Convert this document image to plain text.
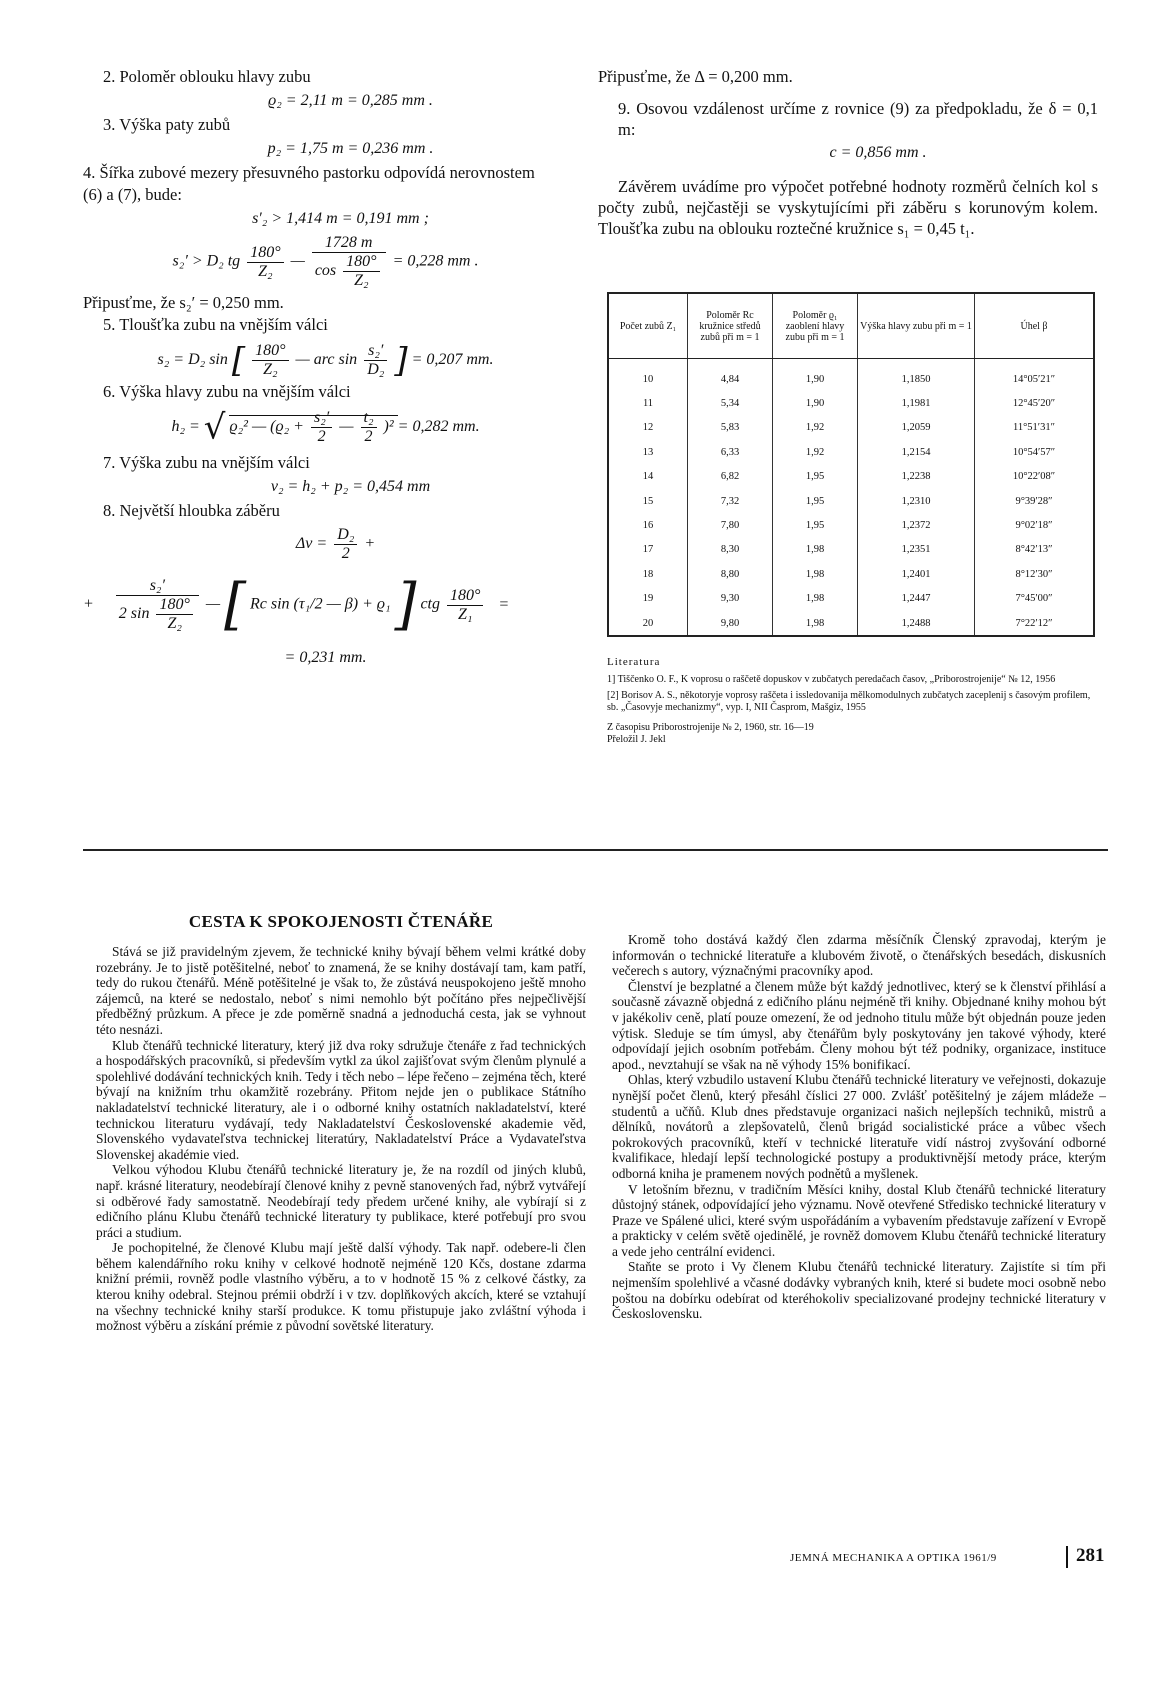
2. Poloměr oblouku hlavy zubu

ϱ₂ = 2,11 m = 0,285 mm .

3. Výška paty zubů

p₂ = 1,75 m = 0,236 mm .

4. Šířka zubové mezery přesuvného pastorku odpovídá nerovnostem (6) a (7), bude:

s′₂ > 1,414 m = 0,191 mm ;

s₂′ > D₂ tg $\frac{180^\circ}{\text{Z₂}}$ — $\frac{1728 m}{\cos \frac{180^\circ}{\text{Z₂}}} = 0,228$ mm .

Připusťme, že s₂′ = 0,250 mm.

5. Tloušťka zubu na vnějším válci

s₂ = D₂ sin [ $\frac{180^\circ}{\text{Z₂}}$ — arc $\sin \frac{\text{s₂′}}{\text{D₂}}$ ] = 0,207 mm.

6. Výška hlavy zubu na vnějším válci

h₂ = √ ϱ₂² — ($ϱ_2 + \frac{\text{s₂′}}{2}$ — $\frac{\text{t₂}}{2} )^2 = 0,282$ mm.

7. Výška zubu na vnějším válci

v₂ = h₂ + p₂ = 0,454 mm

8. Největší hloubka záběru

$\Delta v = \frac{\text{D₂}}{2}$ +
+ $\frac{\text{s₂′}}{2 \sin \frac{180^\circ}{\text{Z₂}}}$ — [ Rc sin (τ₁/2 — β) + ϱ₁ ] ctg $\frac{180^\circ}{\text{Z₁}}$ =

= 0,231 mm.

Připusťme, že Δ = 0,200 mm.

9. Osovou vzdálenost určíme z rovnice (9) za předpokladu, že δ = 0,1 m:

c = 0,856 mm .

Závěrem uvádíme pro výpočet potřebné hodnoty rozměrů čelních kol s počty zubů, nejčastěji se vyskytujícími při záběru s korunovým kolem. Tloušťka zubu na oblouku roztečné kružnice s₁ = 0,45 t₁.

Počet zubů Z₁	Poloměr Rc kružnice středů zubů při m = 1	Poloměr ϱ₁ zaoblení hlavy zubu při m = 1	Výška hlavy zubu při m = 1	Úhel β
10	4,84	1,90	1,1850	14°05′21″
11	5,34	1,90	1,1981	12°45′20″
12	5,83	1,92	1,2059	11°51′31″
13	6,33	1,92	1,2154	10°54′57″
14	6,82	1,95	1,2238	10°22′08″
15	7,32	1,95	1,2310	9°39′28″
16	7,80	1,95	1,2372	9°02′18″
17	8,30	1,98	1,2351	8°42′13″
18	8,80	1,98	1,2401	8°12′30″
19	9,30	1,98	1,2447	7°45′00″
20	9,80	1,98	1,2488	7°22′12″

Literatura

1] Tiščenko O. F., K voprosu o raščetě dopuskov v zubčatych peredačach časov, „Priborostrojenije“ № 12, 1956

[2] Borisov A. S., někotoryje voprosy raščeta i issledovanija mělkomodulnych zubčatych zaceplenij s časovým profilem, sb. „Časovyje mechanizmy“, vyp. I, NII Časprom, Mašgiz, 1955

Z časopisu Priborostrojenije № 2, 1960, str. 16—19

Přeložil J. Jekl

CESTA K SPOKOJENOSTI ČTENÁŘE

Stává se již pravidelným zjevem, že technické knihy bývají během velmi krátké doby rozebrány. Je to jistě potěšitelné, neboť to znamená, že se knihy dostávají tam, kam patří, tedy do rukou čtenářů. Méně potěšitelné je však to, že zůstává neuspokojeno ještě mnoho zájemců, na které se nedostalo, neboť s nimi nemohlo být počítáno přes nejpečlivější předběžný průzkum. A přece je zde poměrně snadná a jednoduchá cesta, jak se vyhnout této nesnázi.

Klub čtenářů technické literatury, který již dva roky sdružuje čtenáře z řad technických a hospodářských pracovníků, si především vytkl za úkol zajišťovat svým členům plynulé a spolehlivé dodávání technických knih. Tedy i těch nebo – lépe řečeno – zejména těch, které bývají na knižním trhu okamžitě rozebrány. Přitom nejde jen o publikace Státního nakladatelství technické literatury, ale i o odborné knihy ostatních nakladatelství, které technickou literaturu vydávají, tedy Nakladatelství Československé akademie věd, Slovenského vydavateľstva technickej literatúry, Nakladatelství Práce a Vydavateľstva Slovenskej akadémie vied.

Velkou výhodou Klubu čtenářů technické literatury je, že na rozdíl od jiných klubů, např. krásné literatury, neodebírají členové knihy z pevně stanovených řad, nýbrž vytvářejí si odběrové řady samostatně. Neodebírají tedy předem určené knihy, ale vybírají si z edičního plánu Klubu čtenářů technické literatury ty publikace, které potřebují pro svou práci a studium.

Je pochopitelné, že členové Klubu mají ještě další výhody. Tak např. odebere-li člen během kalendářního roku knihy v celkové hodnotě nejméně 120 Kčs, dostane zdarma knižní prémii, rovněž podle vlastního výběru, a to v hodnotě 15 % z celkové částky, za kterou knihy odebral. Stejnou prémii obdrží i v tzv. doplňkových akcích, které se vztahují na všechny technické knihy starší produkce. K tomu přistupuje jako zvláštní výhoda i možnost výběru a získání prémie z původní sovětské literatury.

Kromě toho dostává každý člen zdarma měsíčník Členský zpravodaj, kterým je informován o technické literatuře a klubovém životě, o čtenářských besedách, diskusních večerech s autory, význačnými pracovníky apod.

Členství je bezplatné a členem může být každý jednotlivec, který se k členství přihlásí a současně závazně objedná z edičního plánu nejméně tři knihy. Objednané knihy mohou být v jakékoliv ceně, platí pouze omezení, že od jednoho titulu může být objednán pouze jeden výtisk. Sleduje se tím úmysl, aby čtenářům byly poskytovány jen takové výhody, které odpovídají jejich osobním potřebám. Členy mohou být též podniky, organizace, instituce apod., nevztahují se však na ně výhody 15% bonifikací.

Ohlas, který vzbudilo ustavení Klubu čtenářů technické literatury ve veřejnosti, dokazuje nynější počet členů, který přesáhl číslici 27 000. Zvlášť potěšitelný je zájem mládeže – studentů a učňů. Klub dnes představuje organizaci našich nejlepších techniků, mistrů a dělníků, novátorů a zlepšovatelů, členů brigád socialistické práce a vůbec všech pokrokových pracovníků, kteří v technické literatuře vidí nástroj zvyšování odborné kvalifikace, hledají lepší technologické postupy a produktivnější metody práce, kterým odborná kniha je pramenem nových podnětů a myšlenek.

V letošním březnu, v tradičním Měsíci knihy, dostal Klub čtenářů technické literatury důstojný stánek, odpovídající jeho významu. Nově otevřené Středisko technické literatury v Praze ve Spálené ulici, které svým uspořádáním a vybavením představuje zařízení v Evropě a prakticky v celém světě ojedinělé, je rovněž domovem Klubu čtenářů technické literatury a vede jeho centrální evidenci.

Staňte se proto i Vy členem Klubu čtenářů technické literatury. Zajistíte si tím při nejmenším spolehlivé a včasné dodávky vybraných knih, které si budete moci osobně nebo poštou na dobírku odebírat od kteréhokoliv specializované prodejny technické literatury v Československu.

JEMNÁ MECHANIKA A OPTIKA 1961/9	281
